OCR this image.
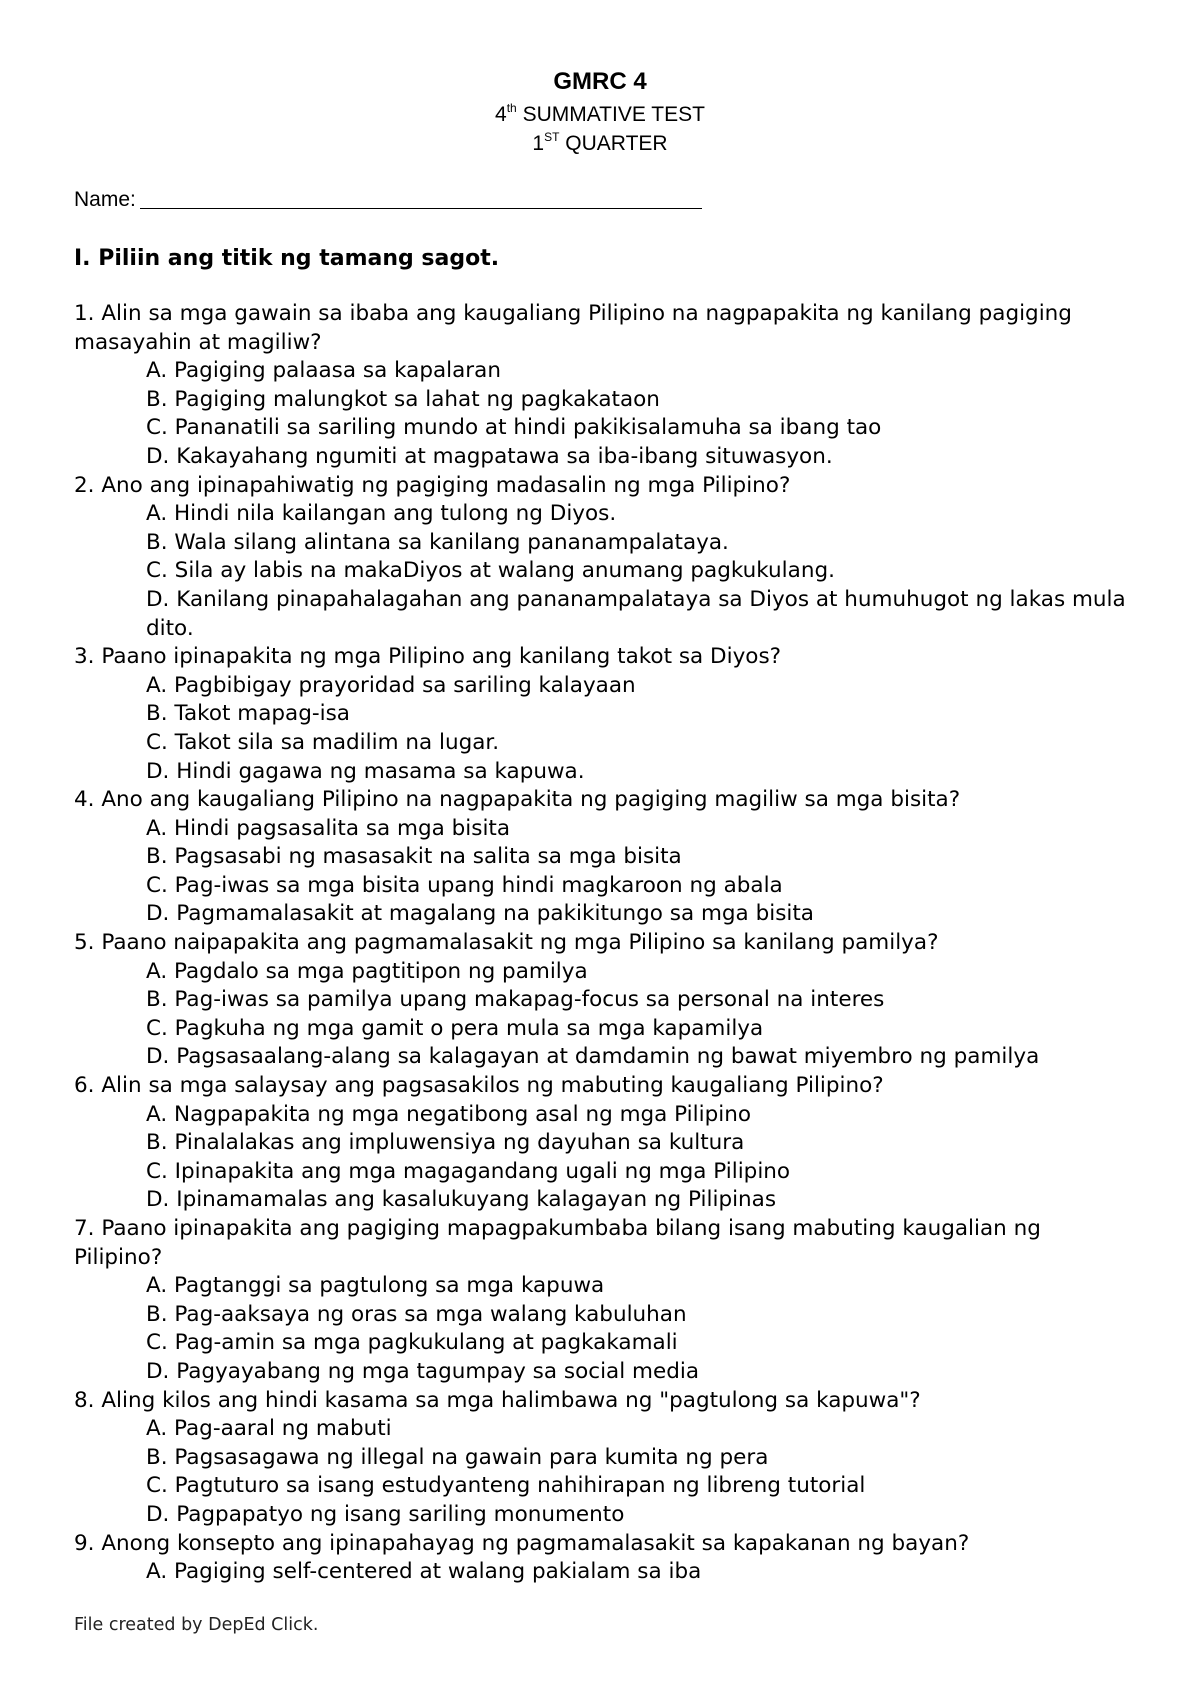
GMRC 4
4th SUMMATIVE TEST
1ST QUARTER
Name:
I. Piliin ang titik ng tamang sagot.

1. Alin sa mga gawain sa ibaba ang kaugaliang Pilipino na nagpapakita ng kanilang pagiging masayahin at magiliw?

A. Pagiging palaasa sa kapalaran

B. Pagiging malungkot sa lahat ng pagkakataon

C. Pananatili sa sariling mundo at hindi pakikisalamuha sa ibang tao

D. Kakayahang ngumiti at magpatawa sa iba-ibang situwasyon.

2. Ano ang ipinapahiwatig ng pagiging madasalin ng mga Pilipino?

A. Hindi nila kailangan ang tulong ng Diyos.

B. Wala silang alintana sa kanilang pananampalataya.

C. Sila ay labis na makaDiyos at walang anumang pagkukulang.

D. Kanilang pinapahalagahan ang pananampalataya sa Diyos at humuhugot ng lakas mula dito.

3. Paano ipinapakita ng mga Pilipino ang kanilang takot sa Diyos?

A. Pagbibigay prayoridad sa sariling kalayaan

B. Takot mapag-isa

C. Takot sila sa madilim na lugar.

D. Hindi gagawa ng masama sa kapuwa.

4. Ano ang kaugaliang Pilipino na nagpapakita ng pagiging magiliw sa mga bisita?

A. Hindi pagsasalita sa mga bisita

B. Pagsasabi ng masasakit na salita sa mga bisita

C. Pag-iwas sa mga bisita upang hindi magkaroon ng abala

D. Pagmamalasakit at magalang na pakikitungo sa mga bisita

5. Paano naipapakita ang pagmamalasakit ng mga Pilipino sa kanilang pamilya?

A. Pagdalo sa mga pagtitipon ng pamilya

B. Pag-iwas sa pamilya upang makapag-focus sa personal na interes

C. Pagkuha ng mga gamit o pera mula sa mga kapamilya

D. Pagsasaalang-alang sa kalagayan at damdamin ng bawat miyembro ng pamilya

6. Alin sa mga salaysay ang pagsasakilos ng mabuting kaugaliang Pilipino?

A. Nagpapakita ng mga negatibong asal ng mga Pilipino

B. Pinalalakas ang impluwensiya ng dayuhan sa kultura

C. Ipinapakita ang mga magagandang ugali ng mga Pilipino

D. Ipinamamalas ang kasalukuyang kalagayan ng Pilipinas

7. Paano ipinapakita ang pagiging mapagpakumbaba bilang isang mabuting kaugalian ng Pilipino?

A. Pagtanggi sa pagtulong sa mga kapuwa

B. Pag-aaksaya ng oras sa mga walang kabuluhan

C. Pag-amin sa mga pagkukulang at pagkakamali

D. Pagyayabang ng mga tagumpay sa social media

8. Aling kilos ang hindi kasama sa mga halimbawa ng "pagtulong sa kapuwa"?

A. Pag-aaral ng mabuti

B. Pagsasagawa ng illegal na gawain para kumita ng pera

C. Pagtuturo sa isang estudyanteng nahihirapan ng libreng tutorial

D. Pagpapatyo ng isang sariling monumento

9. Anong konsepto ang ipinapahayag ng pagmamalasakit sa kapakanan ng bayan?

A. Pagiging self-centered at walang pakialam sa iba

File created by DepEd Click.
